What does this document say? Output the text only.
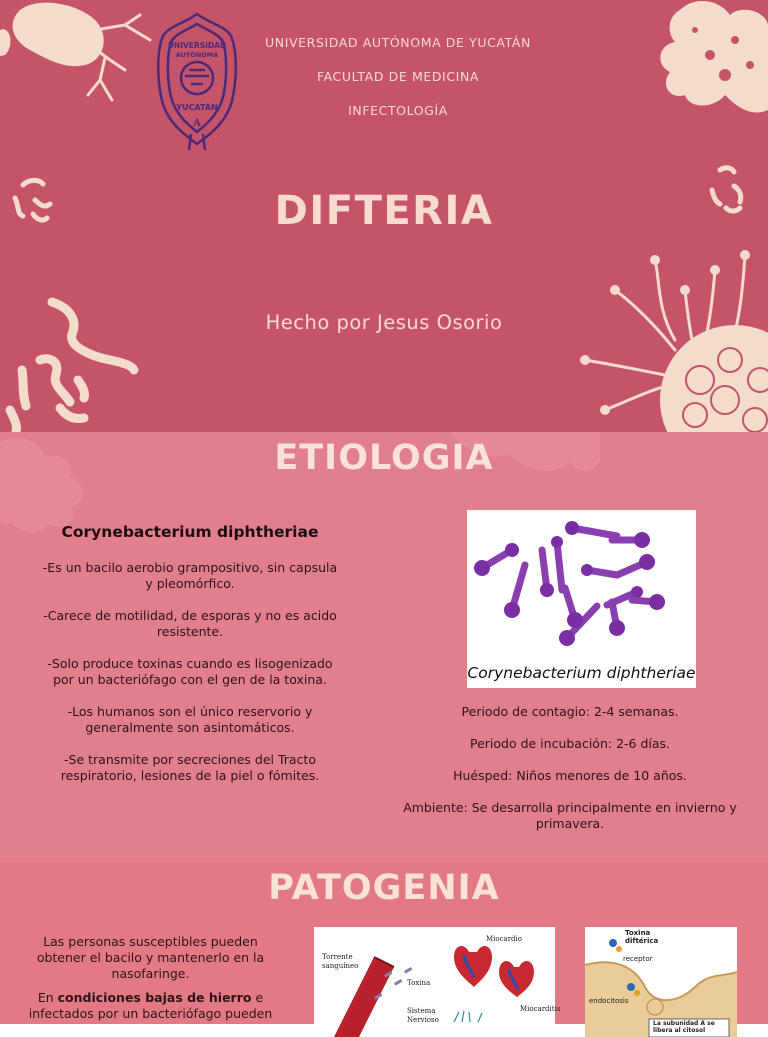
UNIVERSIDAD
AUTÓNOMA
YUCATÁN
A
UNIVERSIDAD AUTÓNOMA DE YUCATÁN
FACULTAD DE MEDICINA
INFECTOLOGÍA
DIFTERIA
Hecho por Jesus Osorio
ETIOLOGIA

Corynebacterium diphtheriae

-Es un bacilo aerobio grampositivo, sin capsula y pleomórfico.

-Carece de motilidad, de esporas y no es acido resistente.

-Solo produce toxinas cuando es lisogenizado por un bacteriófago con el gen de la toxina.

-Los humanos son el único reservorio y generalmente son asintomáticos.

-Se transmite por secreciones del Tracto respiratorio, lesiones de la piel o fómites.

Corynebacterium diphtheriae

Periodo de contagio: 2-4 semanas.

Periodo de incubación: 2-6 días.

Huésped: Niños menores de 10 años.

Ambiente: Se desarrolla principalmente en invierno y primavera.

PATOGENIA

Las personas susceptibles pueden obtener el bacilo y mantenerlo en la nasofaringe.

En condiciones bajas de hierro e infectados por un bacteriófago pueden

Torrente sanguíneo
Toxina
Miocardio
Miocarditis
Sistema Nervioso
Toxina diftérica
receptor
endocitosis
La subunidad A se libera al citosol
